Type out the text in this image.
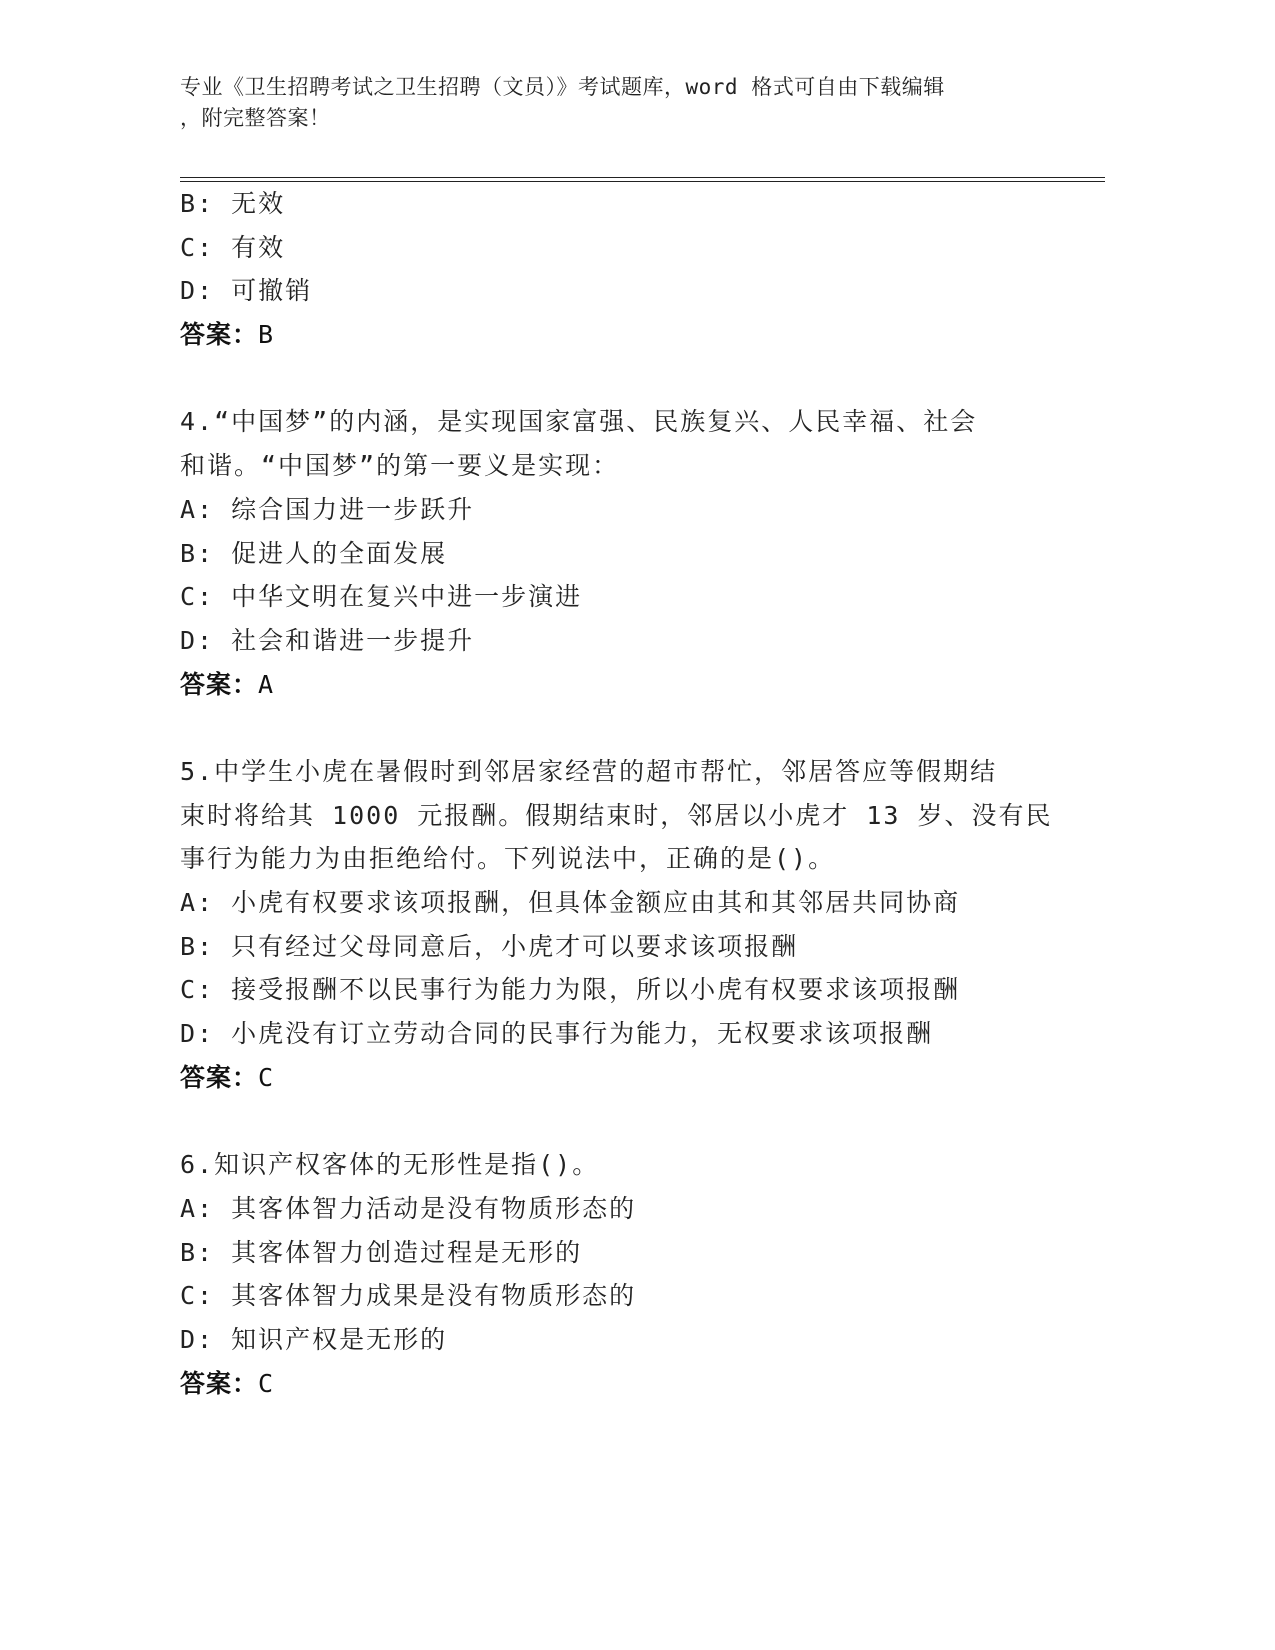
专业《卫生招聘考试之卫生招聘（文员）》考试题库，word 格式可自由下载编辑
，附完整答案！
B: 无效
C: 有效
D: 可撤销
答案：B
4.“中国梦”的内涵，是实现国家富强、民族复兴、人民幸福、社会
和谐。“中国梦”的第一要义是实现：
A: 综合国力进一步跃升
B: 促进人的全面发展
C: 中华文明在复兴中进一步演进
D: 社会和谐进一步提升
答案：A
5.中学生小虎在暑假时到邻居家经营的超市帮忙，邻居答应等假期结
束时将给其 1000 元报酬。假期结束时，邻居以小虎才 13 岁、没有民
事行为能力为由拒绝给付。下列说法中，正确的是()。
A: 小虎有权要求该项报酬，但具体金额应由其和其邻居共同协商
B: 只有经过父母同意后，小虎才可以要求该项报酬
C: 接受报酬不以民事行为能力为限，所以小虎有权要求该项报酬
D: 小虎没有订立劳动合同的民事行为能力，无权要求该项报酬
答案：C
6.知识产权客体的无形性是指()。
A: 其客体智力活动是没有物质形态的
B: 其客体智力创造过程是无形的
C: 其客体智力成果是没有物质形态的
D: 知识产权是无形的
答案：C
